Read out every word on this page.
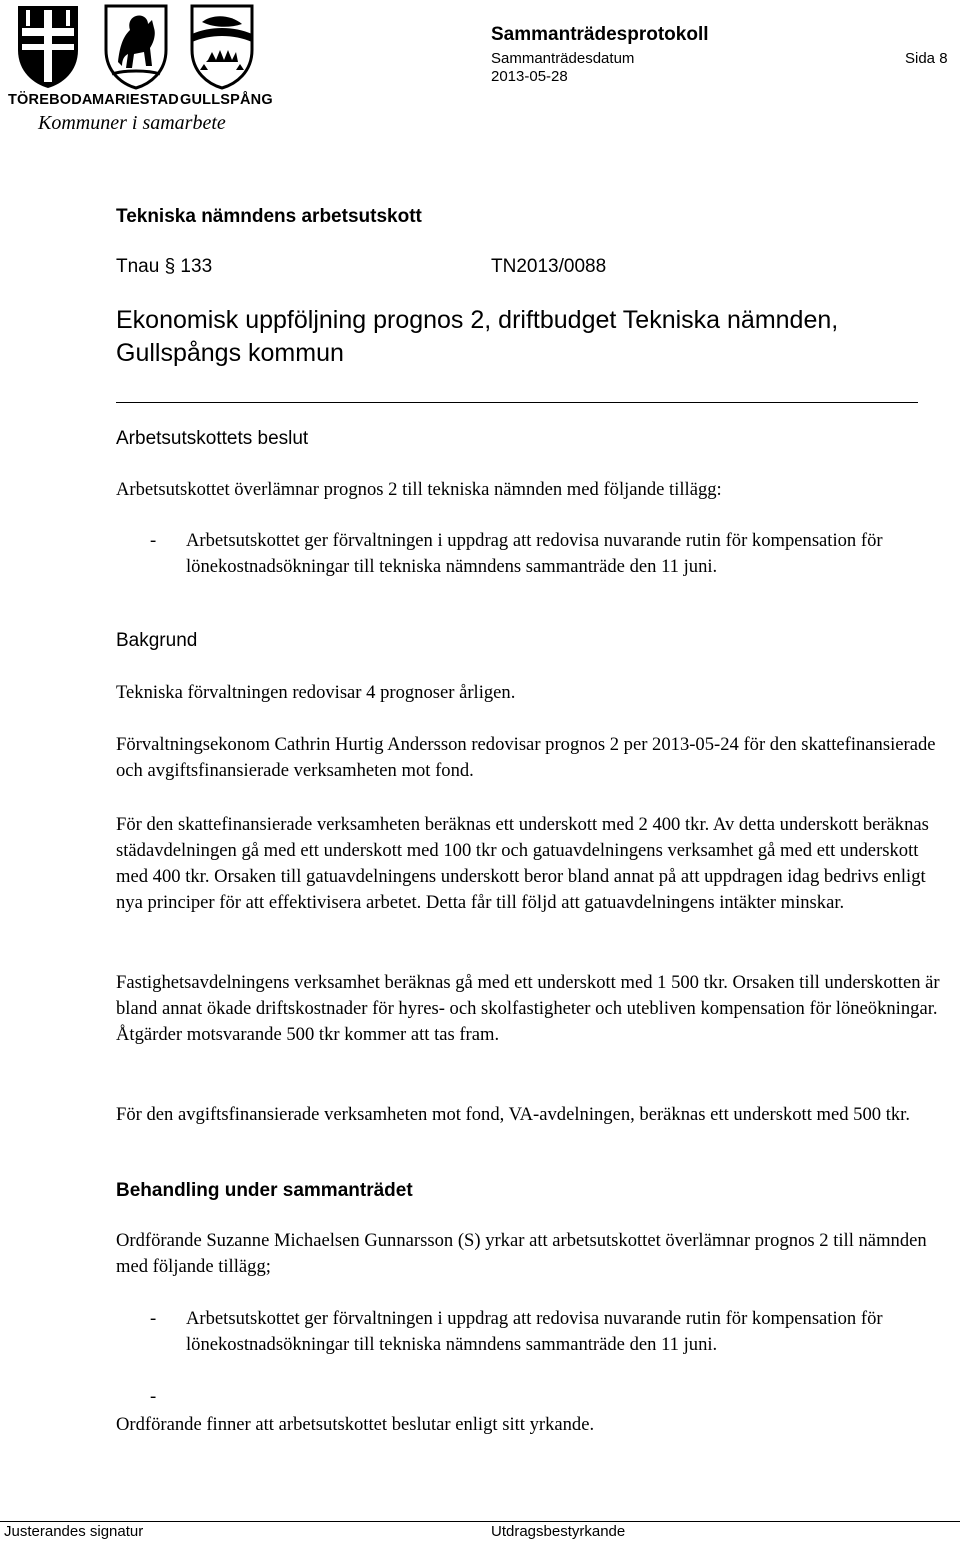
TÖREBODA MARIESTAD GULLSPÅNG
Kommuner i samarbete
Sammanträdesprotokoll
Sammanträdesdatum
2013-05-28
Sida 8
Tekniska nämndens arbetsutskott
Tnau § 133	TN2013/0088
Ekonomisk uppföljning prognos 2, driftbudget Tekniska nämnden, Gullspångs kommun
Arbetsutskottets beslut

Arbetsutskottet överlämnar prognos 2 till tekniska nämnden med följande tillägg:

- Arbetsutskottet ger förvaltningen i uppdrag att redovisa nuvarande rutin för kompensation för lönekostnadsökningar till tekniska nämndens sammanträde den 11 juni.
Bakgrund

Tekniska förvaltningen redovisar 4 prognoser årligen.

Förvaltningsekonom Cathrin Hurtig Andersson redovisar prognos 2 per 2013-05-24 för den skattefinansierade och avgiftsfinansierade verksamheten mot fond.

För den skattefinansierade verksamheten beräknas ett underskott med 2 400 tkr. Av detta underskott beräknas städavdelningen gå med ett underskott med 100 tkr och gatuavdelningens verksamhet gå med ett underskott med 400 tkr. Orsaken till gatuavdelningens underskott beror bland annat på att uppdragen idag bedrivs enligt nya principer för att effektivisera arbetet. Detta får till följd att gatuavdelningens intäkter minskar.

Fastighetsavdelningens verksamhet beräknas gå med ett underskott med 1 500 tkr. Orsaken till underskotten är bland annat ökade driftskostnader för hyres- och skolfastigheter och utebliven kompensation för löneökningar. Åtgärder motsvarande 500 tkr kommer att tas fram.

För den avgiftsfinansierade verksamheten mot fond, VA-avdelningen, beräknas ett underskott med 500 tkr.

Behandling under sammanträdet

Ordförande Suzanne Michaelsen Gunnarsson (S) yrkar att arbetsutskottet överlämnar prognos 2 till nämnden med följande tillägg;

- Arbetsutskottet ger förvaltningen i uppdrag att redovisa nuvarande rutin för kompensation för lönekostnadsökningar till tekniska nämndens sammanträde den 11 juni.
-

Ordförande finner att arbetsutskottet beslutar enligt sitt yrkande.

Justerandes signatur	Utdragsbestyrkande
